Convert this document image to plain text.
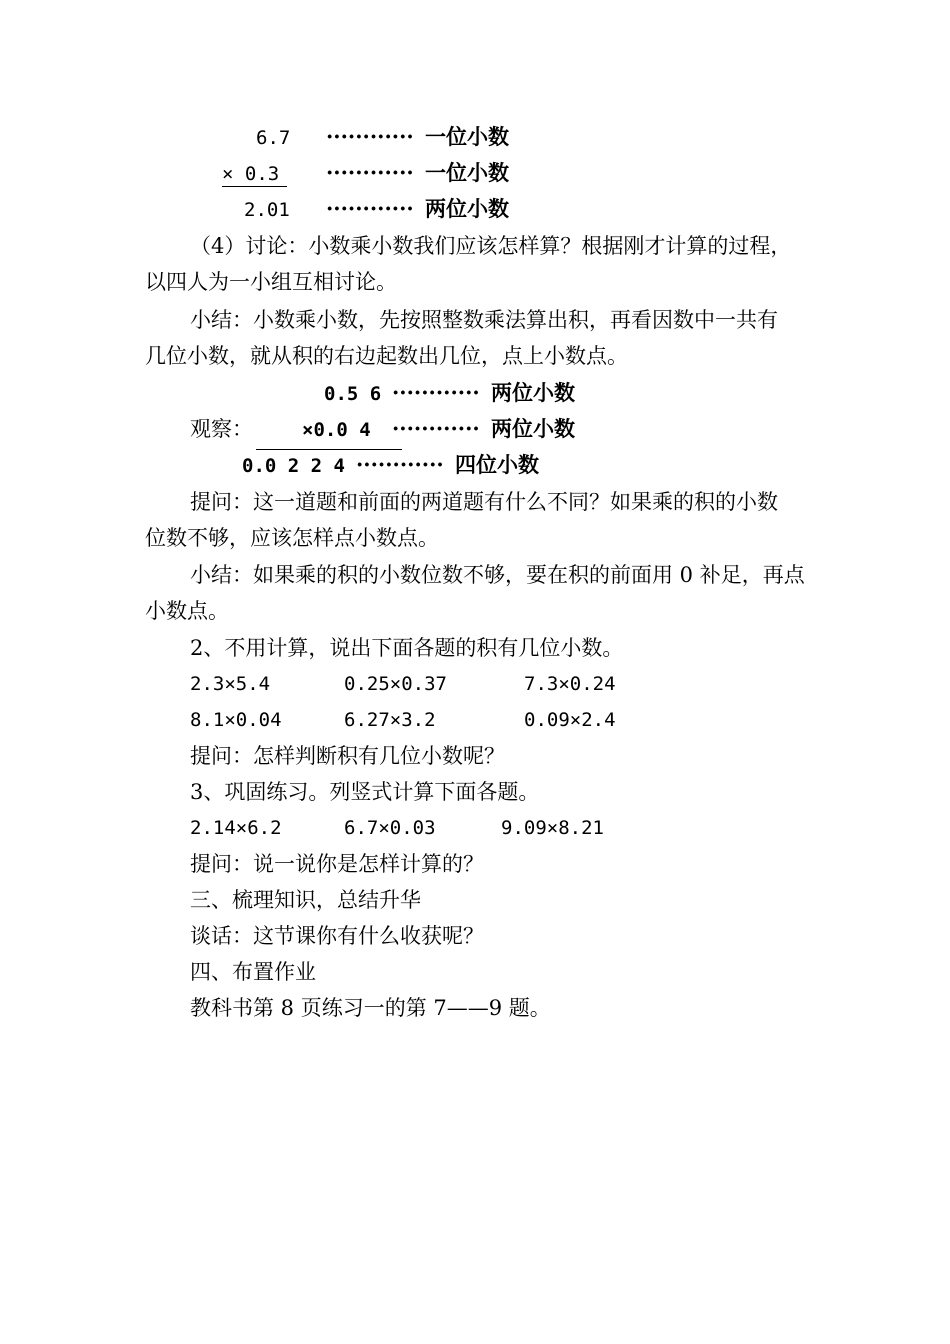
6.7 ············ 一位小数
× 0.3	············ 一位小数
2.01 ············ 两位小数
（4）讨论：小数乘小数我们应该怎样算？根据刚才计算的过程，
以四人为一小组互相讨论。
小结：小数乘小数，先按照整数乘法算出积，再看因数中一共有
几位小数，就从积的右边起数出几位，点上小数点。
0.5 6 ············ 两位小数
观察：	×0.0 4 ············ 两位小数
0.0 2 2 4 ············ 四位小数
提问：这一道题和前面的两道题有什么不同？如果乘的积的小数
位数不够，应该怎样点小数点。
小结：如果乘的积的小数位数不够，要在积的前面用 0 补足，再点
小数点。
2、不用计算，说出下面各题的积有几位小数。
2.3×5.4	0.25×0.37	7.3×0.24
8.1×0.04	6.27×3.2	0.09×2.4
提问：怎样判断积有几位小数呢？
3、巩固练习。列竖式计算下面各题。
2.14×6.2	6.7×0.03	9.09×8.21
提问：说一说你是怎样计算的？
三、梳理知识，总结升华
谈话：这节课你有什么收获呢？
四、布置作业
教科书第 8 页练习一的第 7——9 题。
